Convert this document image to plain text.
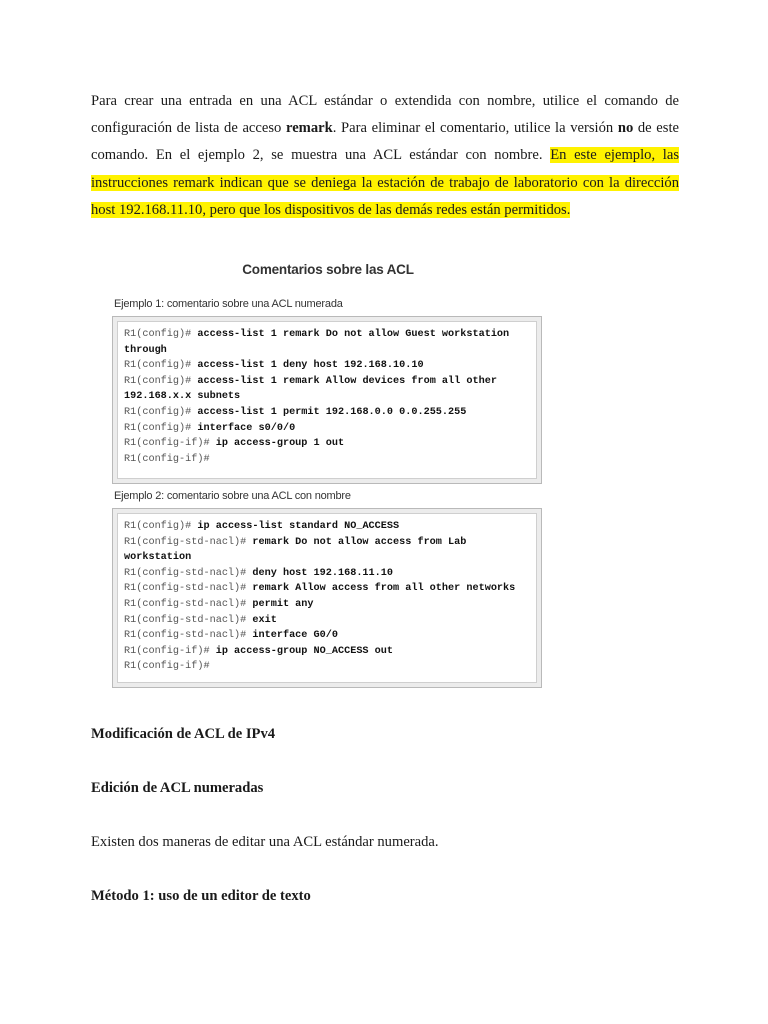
Para crear una entrada en una ACL estándar o extendida con nombre, utilice el comando de configuración de lista de acceso remark. Para eliminar el comentario, utilice la versión no de este comando. En el ejemplo 2, se muestra una ACL estándar con nombre. En este ejemplo, las instrucciones remark indican que se deniega la estación de trabajo de laboratorio con la dirección host 192.168.11.10, pero que los dispositivos de las demás redes están permitidos.

Comentarios sobre las ACL
Ejemplo 1: comentario sobre una ACL numerada
R1(config)# access-list 1 remark Do not allow Guest workstation
through
R1(config)# access-list 1 deny host 192.168.10.10
R1(config)# access-list 1 remark Allow devices from all other
192.168.x.x subnets
R1(config)# access-list 1 permit 192.168.0.0 0.0.255.255
R1(config)# interface s0/0/0
R1(config-if)# ip access-group 1 out
R1(config-if)#
Ejemplo 2: comentario sobre una ACL con nombre
R1(config)# ip access-list standard NO_ACCESS
R1(config-std-nacl)# remark Do not allow access from Lab
workstation
R1(config-std-nacl)# deny host 192.168.11.10
R1(config-std-nacl)# remark Allow access from all other networks
R1(config-std-nacl)# permit any
R1(config-std-nacl)# exit
R1(config-std-nacl)# interface G0/0
R1(config-if)# ip access-group NO_ACCESS out
R1(config-if)#

Modificación de ACL de IPv4

Edición de ACL numeradas

Existen dos maneras de editar una ACL estándar numerada.

Método 1: uso de un editor de texto
